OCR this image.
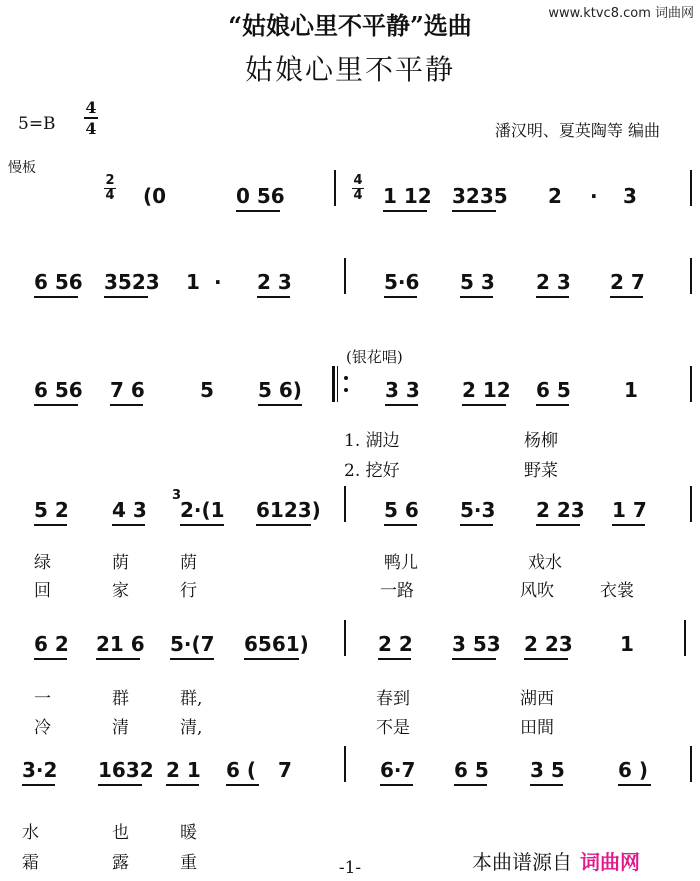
“姑娘心里不平静”选曲
姑娘心里不平静
www.ktvc8.com 词曲网
$5=B \frac{4}{4}$	潘汉明、夏英陶等 编曲
慢板
$\frac{2}{4} (0$	0 56	$\frac{4}{4} 1$ 12 3235 2 · 3
6 56 3523 1 · 2 3	5·6 5 3 2 3 2 7
6 56 7 6	5 5 6)	3 3 2 12 6 5	1
5 2 4 3 2·(1 6123)	5 6 5·3 2 23 1 7
6 2 21 6 5·(7 6561)	2 2 3 53 2 23 1
3·2 1632 2 1 6 ( 7	6·7 6 5 3 5	6 )
(银花唱)
3
1. 湖边	杨柳
2. 挖好	野菜
绿	荫	荫	鸭儿	戏水
回	家	行	一路	风吹	衣裳
一	群	群,	春到	湖西
冷	清	清,	不是	田間
水	也	暖
霜	露	重	-1-	本曲谱源自 词曲网
